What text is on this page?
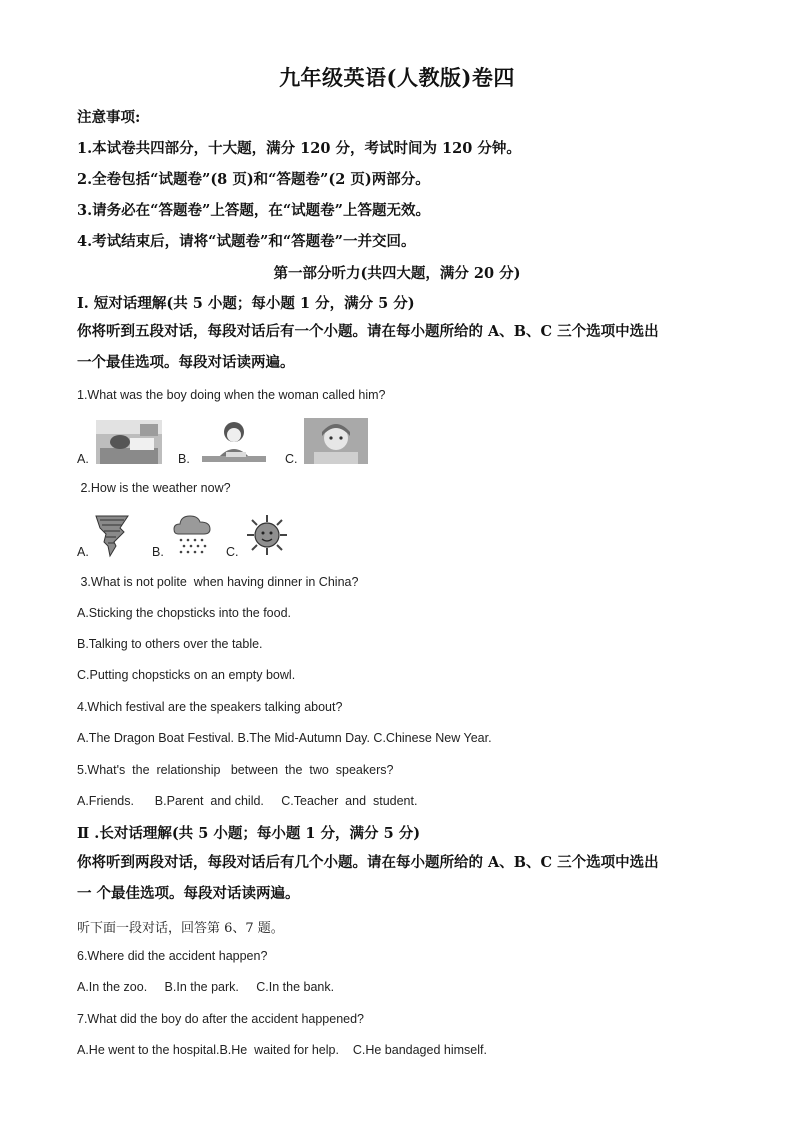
九年级英语(人教版)卷四
注意事项:
1.本试卷共四部分，十大题，满分 120 分，考试时间为 120 分钟。
2.全卷包括“试题卷”(8 页)和“答题卷”(2 页)两部分。
3.请务必在“答题卷”上答题，在“试题卷”上答题无效。
4.考试结束后，请将“试题卷”和“答题卷”一并交回。
第一部分听力(共四大题，满分 20 分)
I. 短对话理解(共 5 小题；每小题 1 分，满分 5 分)
你将听到五段对话，每段对话后有一个小题。请在每小题所给的 A、B、C 三个选项中选出
一个最佳选项。每段对话读两遍。
1.What was the boy doing when the woman called him?
A.	B.	C.
2.How is the weather now?
A.	B.	C.
3.What is not polite  when having dinner in China?
A.Sticking the chopsticks into the food.
B.Talking to others over the table.
C.Putting chopsticks on an empty bowl.
4.Which festival are the speakers talking about?
A.The Dragon Boat Festival. B.The Mid-Autumn Day. C.Chinese New Year.
5.What's  the  relationship   between  the  two  speakers?
A.Friends.      B.Parent  and child.     C.Teacher  and  student.
Ⅱ .长对话理解(共 5 小题；每小题 1 分，满分 5 分)
你将听到两段对话，每段对话后有几个小题。请在每小题所给的 A、B、C 三个选项中选出
一 个最佳选项。每段对话读两遍。
听下面一段对话，回答第 6、7 题。
6.Where did the accident happen?
A.In the zoo.     B.In the park.     C.In the bank.
7.What did the boy do after the accident happened?
A.He went to the hospital.B.He  waited for help.    C.He bandaged himself.
